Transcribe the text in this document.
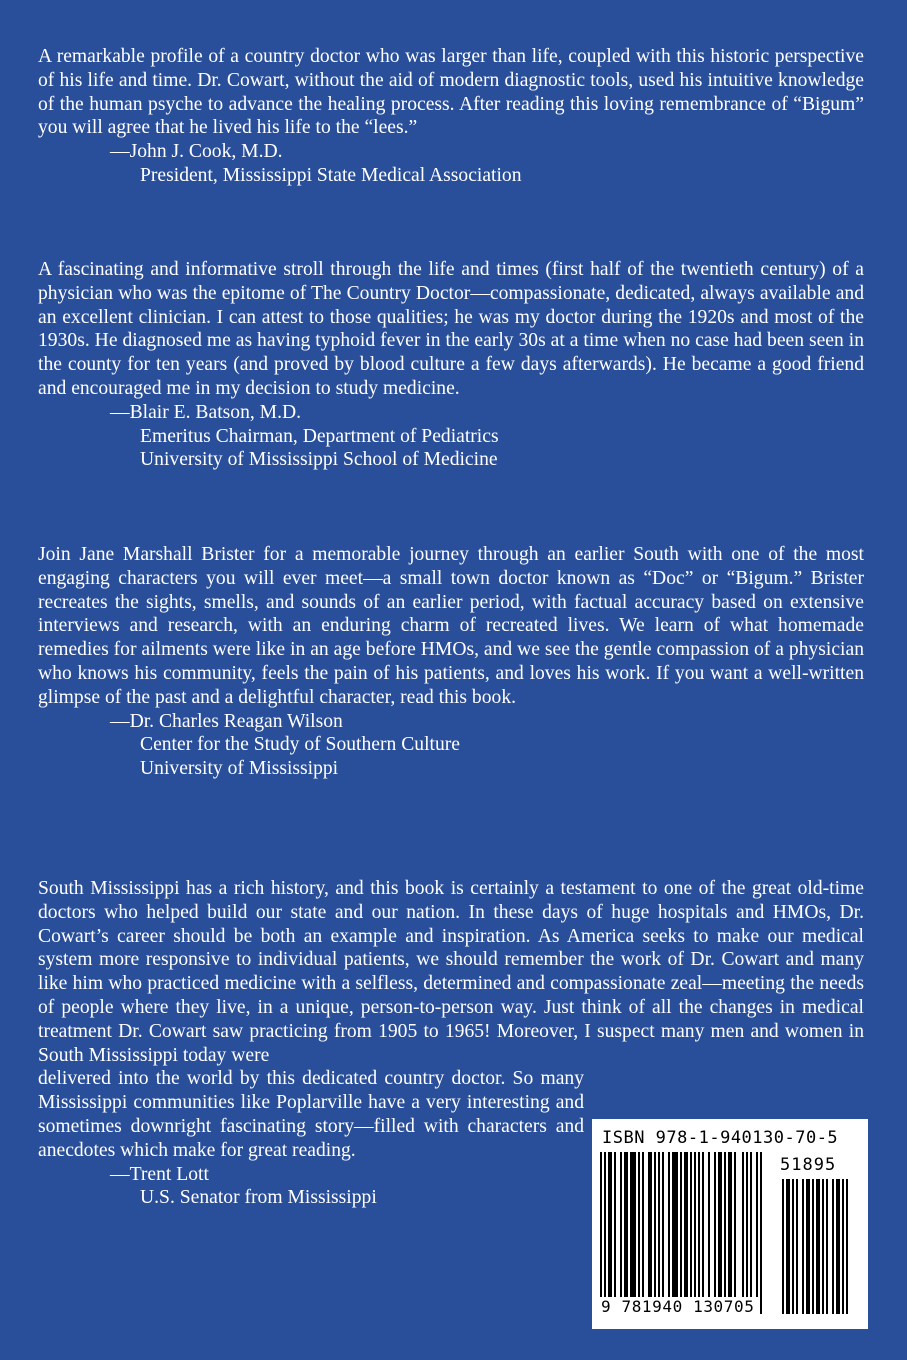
A remarkable profile of a country doctor who was larger than life, coupled with this historic perspective of his life and time. Dr. Cowart, without the aid of modern diagnostic tools, used his intuitive knowledge of the human psyche to advance the healing process. After reading this loving remembrance of “Bigum” you will agree that he lived his life to the “lees.”

—John J. Cook, M.D.
President, Mississippi State Medical Association

A fascinating and informative stroll through the life and times (first half of the twentieth century) of a physician who was the epitome of The Country Doctor—compassionate, dedicated, always available and an excellent clinician. I can attest to those qualities; he was my doctor during the 1920s and most of the 1930s. He diagnosed me as having typhoid fever in the early 30s at a time when no case had been seen in the county for ten years (and proved by blood culture a few days afterwards). He became a good friend and encouraged me in my decision to study medicine.

—Blair E. Batson, M.D.
Emeritus Chairman, Department of Pediatrics
University of Mississippi School of Medicine

Join Jane Marshall Brister for a memorable journey through an earlier South with one of the most engaging characters you will ever meet—a small town doctor known as “Doc” or “Bigum.” Brister recreates the sights, smells, and sounds of an earlier period, with factual accuracy based on extensive interviews and research, with an enduring charm of recreated lives. We learn of what homemade remedies for ailments were like in an age before HMOs, and we see the gentle compassion of a physician who knows his community, feels the pain of his patients, and loves his work. If you want a well-written glimpse of the past and a delightful character, read this book.

—Dr. Charles Reagan Wilson
Center for the Study of Southern Culture
University of Mississippi

South Mississippi has a rich history, and this book is certainly a testament to one of the great old-time doctors who helped build our state and our nation. In these days of huge hospitals and HMOs, Dr. Cowart’s career should be both an example and inspiration. As America seeks to make our medical system more responsive to individual patients, we should remember the work of Dr. Cowart and many like him who practiced medicine with a selfless, determined and compassionate zeal—meeting the needs of people where they live, in a unique, person-to-person way. Just think of all the changes in medical treatment Dr. Cowart saw practicing from 1905 to 1965! Moreover, I suspect many men and women in South Mississippi today were

delivered into the world by this dedicated country doctor. So many Mississippi communities like Poplarville have a very interesting and sometimes downright fascinating story—filled with characters and anecdotes which make for great reading.

—Trent Lott
U.S. Senator from Mississippi
ISBN 978-1-940130-70-5
51895
9 781940 130705
